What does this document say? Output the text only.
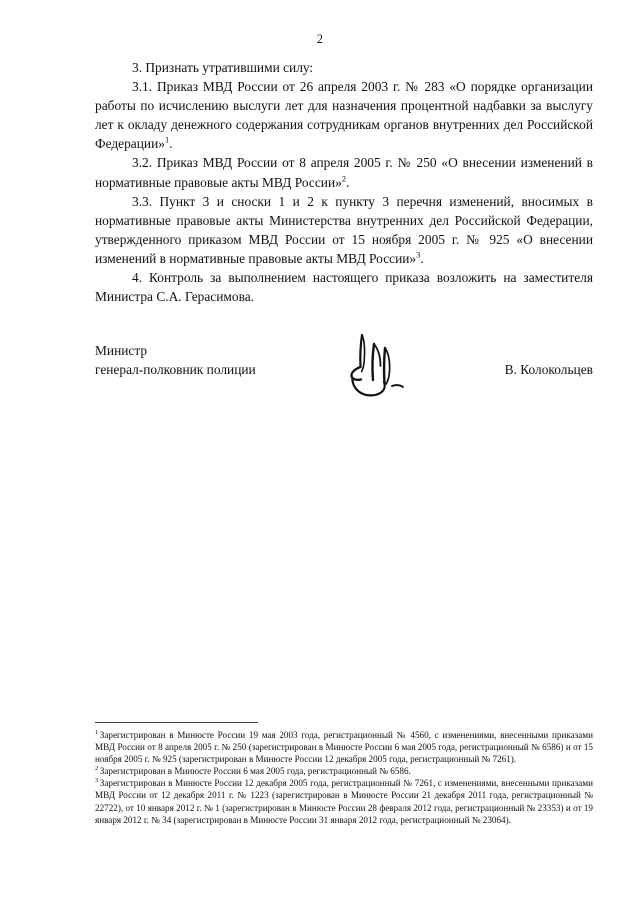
2

3. Признать утратившими силу:

3.1. Приказ МВД России от 26 апреля 2003 г. № 283 «О порядке организации работы по исчислению выслуги лет для назначения процентной надбавки за выслугу лет к окладу денежного содержания сотрудникам органов внутренних дел Российской Федерации»$^1$.

3.2. Приказ МВД России от 8 апреля 2005 г. № 250 «О внесении изменений в нормативные правовые акты МВД России»$^2$.

3.3. Пункт 3 и сноски 1 и 2 к пункту 3 перечня изменений, вносимых в нормативные правовые акты Министерства внутренних дел Российской Федерации, утвержденного приказом МВД России от 15 ноября 2005 г. № 925 «О внесении изменений в нормативные правовые акты МВД России»$^3$.

4. Контроль за выполнением настоящего приказа возложить на заместителя Министра С.А. Герасимова.

Министр
генерал-полковник полиции	В. Колокольцев

$^1$ Зарегистрирован в Минюсте России 19 мая 2003 года, регистрационный № 4560, с изменениями, внесенными приказами МВД России от 8 апреля 2005 г. № 250 (зарегистрирован в Минюсте России 6 мая 2005 года, регистрационный № 6586) и от 15 ноября 2005 г. № 925 (зарегистрирован в Минюсте России 12 декабря 2005 года, регистрационный № 7261).

$^2$ Зарегистрирован в Минюсте России 6 мая 2005 года, регистрационный № 6586.

$^3$ Зарегистрирован в Минюсте России 12 декабря 2005 года, регистрационный № 7261, с изменениями, внесенными приказами МВД России от 12 декабря 2011 г. № 1223 (зарегистрирован в Минюсте России 21 декабря 2011 года, регистрационный № 22722), от 10 января 2012 г. № 1 (зарегистрирован в Минюсте России 28 февраля 2012 года, регистрационный № 23353) и от 19 января 2012 г. № 34 (зарегистрирован в Минюсте России 31 января 2012 года, регистрационный № 23064).
